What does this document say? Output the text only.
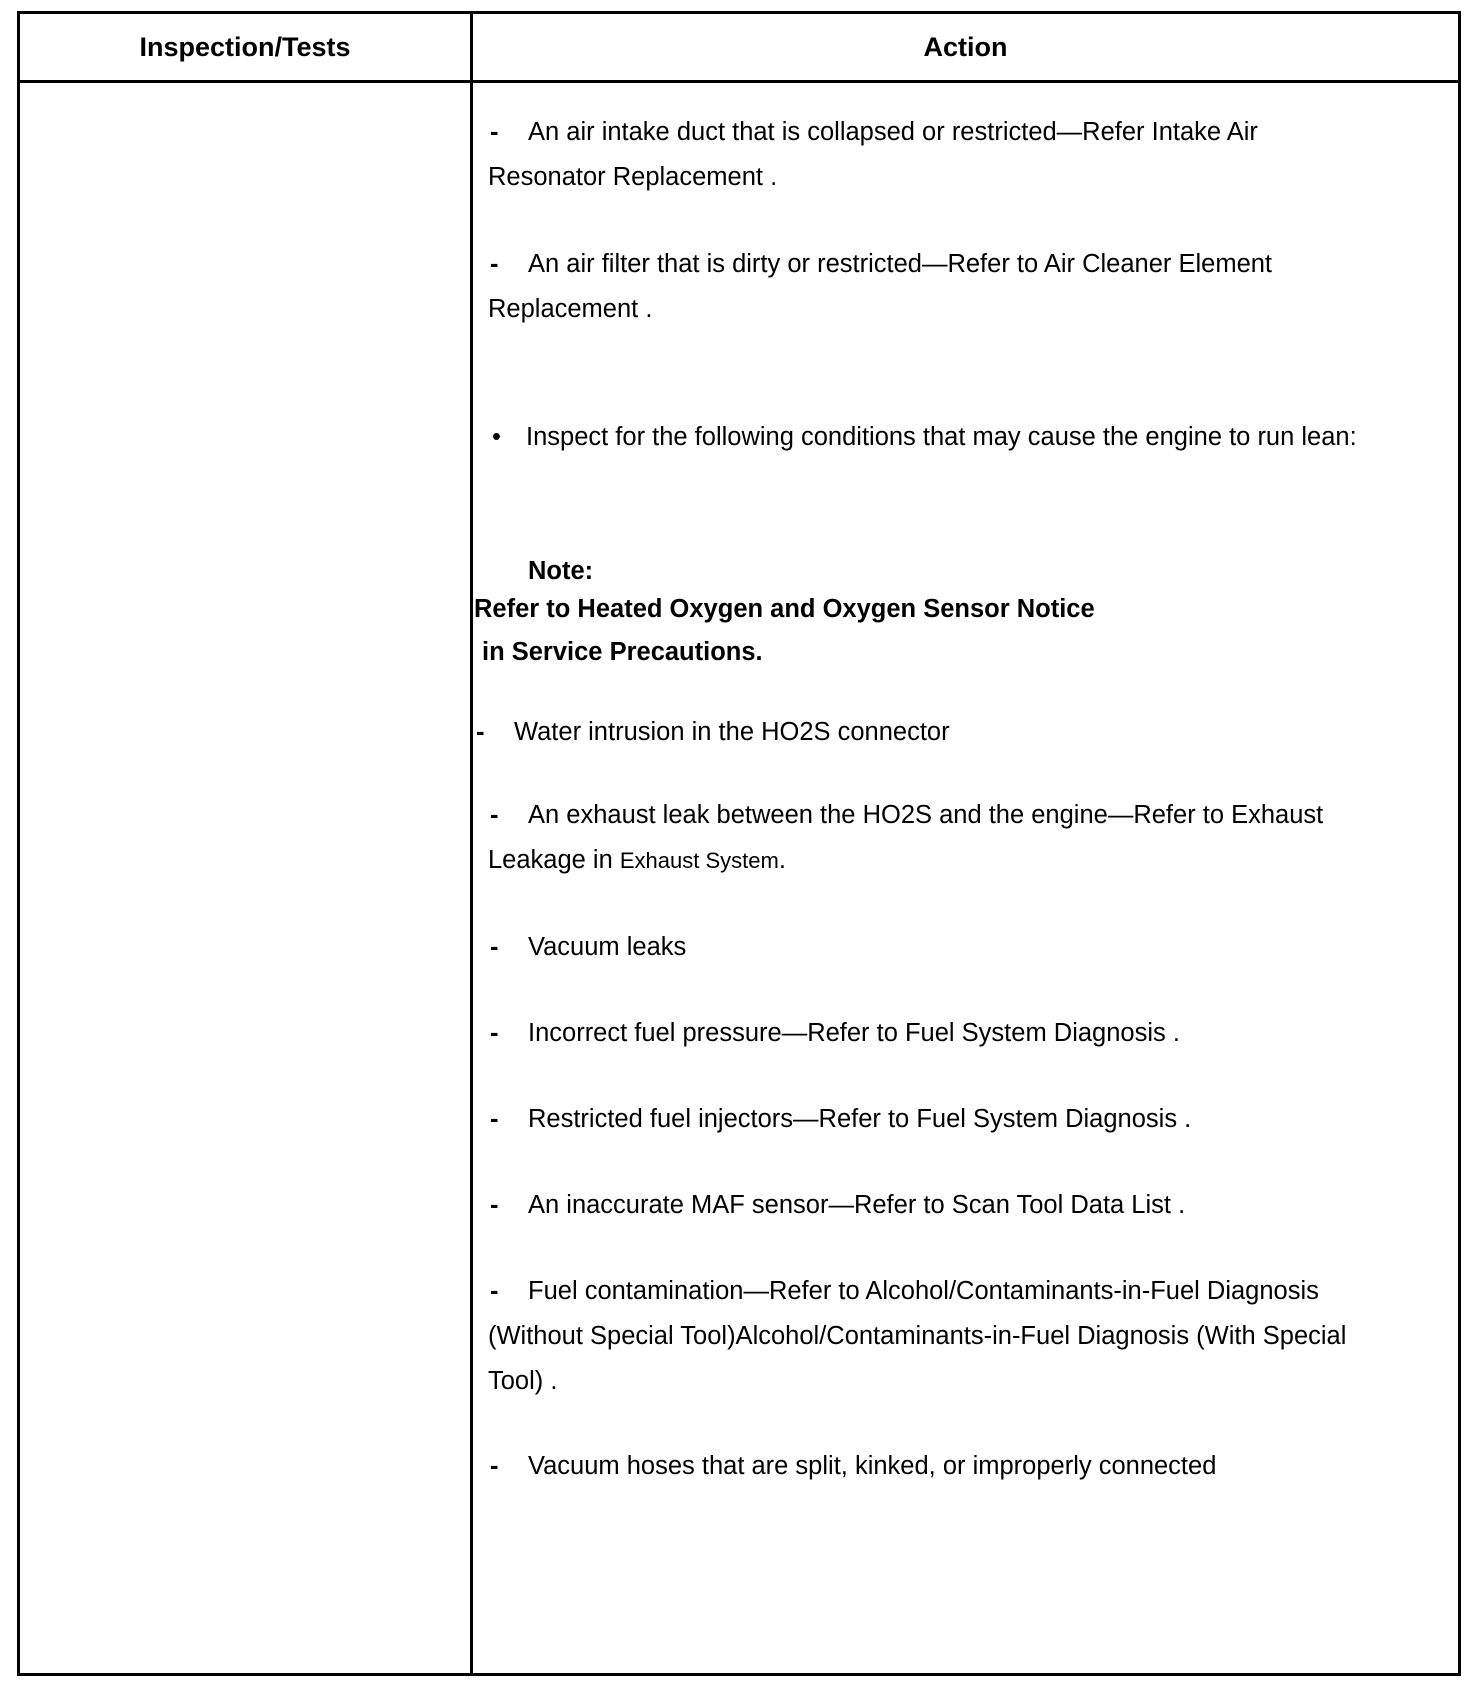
Inspection/Tests	Action
- An air intake duct that is collapsed or restricted—Refer Intake Air Resonator Replacement .
- An air filter that is dirty or restricted—Refer to Air Cleaner Element Replacement .
• Inspect for the following conditions that may cause the engine to run lean:
Note:
Refer to Heated Oxygen and Oxygen Sensor Notice
in Service Precautions.
- Water intrusion in the HO2S connector
- An exhaust leak between the HO2S and the engine—Refer to Exhaust Leakage in Exhaust System.
- Vacuum leaks
- Incorrect fuel pressure—Refer to Fuel System Diagnosis .
- Restricted fuel injectors—Refer to Fuel System Diagnosis .
- An inaccurate MAF sensor—Refer to Scan Tool Data List .
- Fuel contamination—Refer to Alcohol/Contaminants-in-Fuel Diagnosis (Without Special Tool)Alcohol/Contaminants-in-Fuel Diagnosis (With Special Tool) .
- Vacuum hoses that are split, kinked, or improperly connected
